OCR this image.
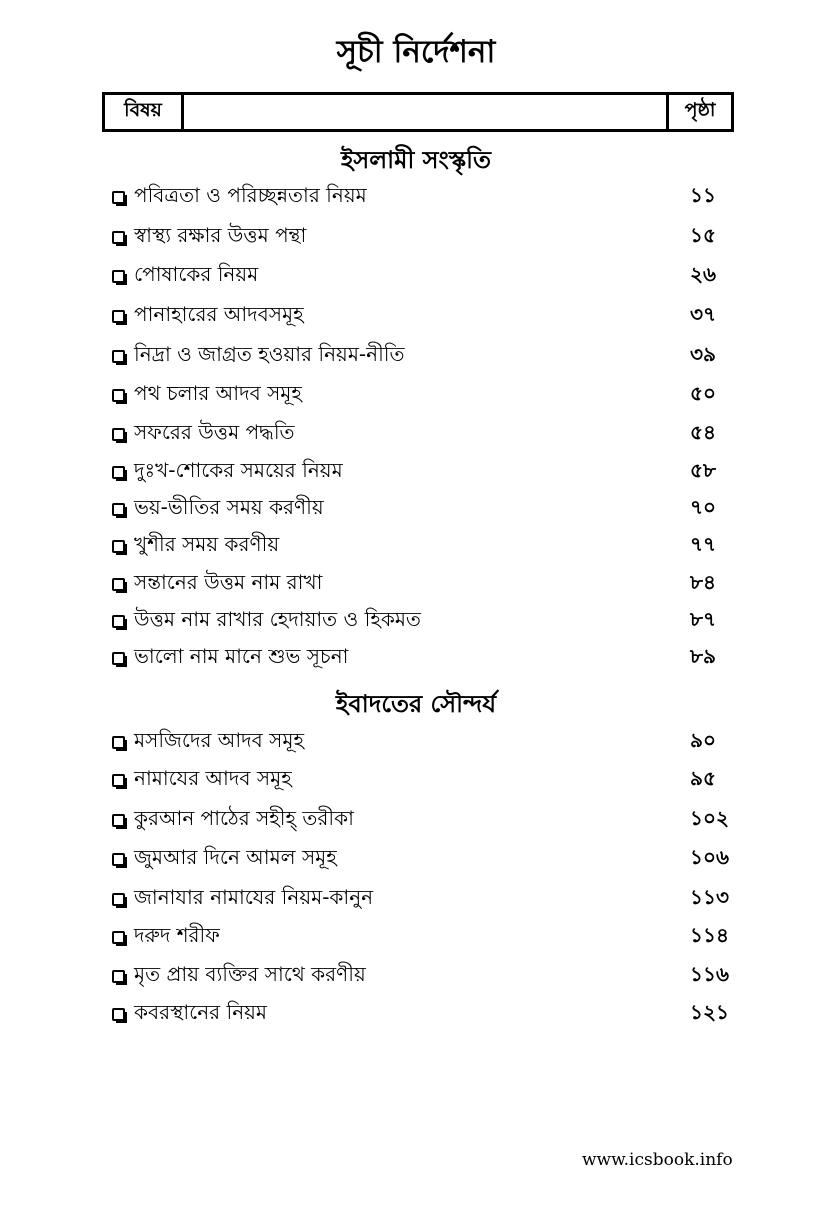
সূচী নির্দেশনা
বিষয়	পৃষ্ঠা
ইসলামী সংস্কৃতি
পবিত্রতা ও পরিচ্ছন্নতার নিয়ম	১১
স্বাস্থ্য রক্ষার উত্তম পন্থা	১৫
পোষাকের নিয়ম	২৬
পানাহারের আদবসমূহ	৩৭
নিদ্রা ও জাগ্রত হওয়ার নিয়ম-নীতি	৩৯
পথ চলার আদব সমূহ	৫০
সফরের উত্তম পদ্ধতি	৫৪
দুঃখ-শোকের সময়ের নিয়ম	৫৮
ভয়-ভীতির সময় করণীয়	৭০
খুশীর সময় করণীয়	৭৭
সন্তানের উত্তম নাম রাখা	৮৪
উত্তম নাম রাখার হেদায়াত ও হিকমত	৮৭
ভালো নাম মানে শুভ সূচনা	৮৯
ইবাদতের সৌন্দর্য
মসজিদের আদব সমূহ	৯০
নামাযের আদব সমূহ	৯৫
কুরআন পাঠের সহীহ্ তরীকা	১০২
জুমআর দিনে আমল সমূহ	১০৬
জানাযার নামাযের নিয়ম-কানুন	১১৩
দরুদ শরীফ	১১৪
মৃত প্রায় ব্যক্তির সাথে করণীয়	১১৬
কবরস্থানের নিয়ম	১২১
www.icsbook.info
